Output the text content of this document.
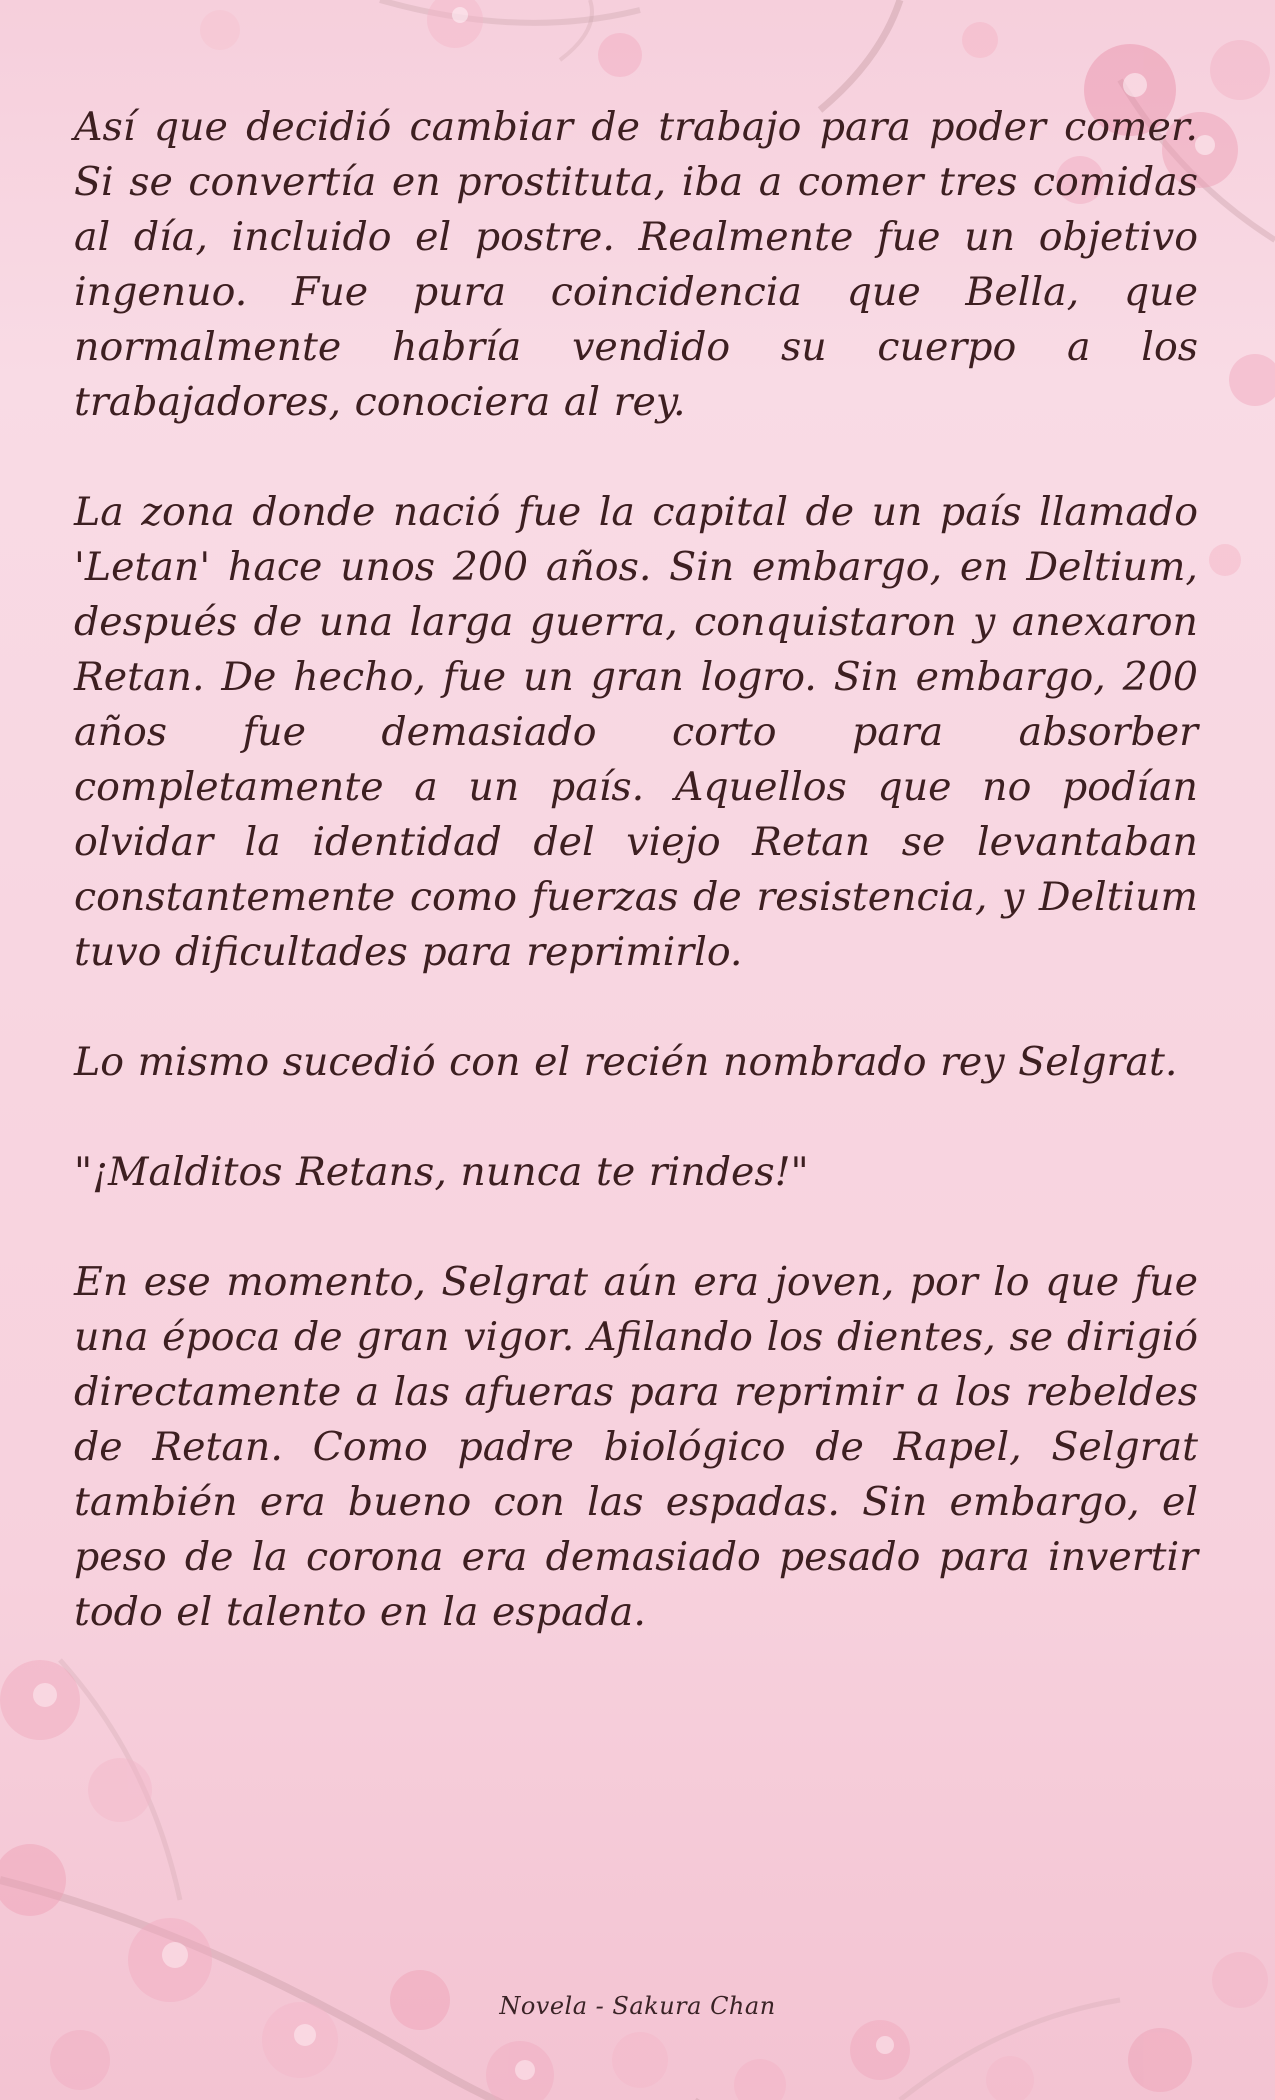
Así que decidió cambiar de trabajo para poder comer. Si se convertía en prostituta, iba a comer tres comidas al día, incluido el postre. Realmente fue un objetivo ingenuo. Fue pura coincidencia que Bella, que normalmente habría vendido su cuerpo a los trabajadores, conociera al rey.

La zona donde nació fue la capital de un país llamado 'Letan' hace unos 200 años. Sin embargo, en Deltium, después de una larga guerra, conquistaron y anexaron Retan. De hecho, fue un gran logro. Sin embargo, 200 años fue demasiado corto para absorber completamente a un país. Aquellos que no podían olvidar la identidad del viejo Retan se levantaban constantemente como fuerzas de resistencia, y Deltium tuvo dificultades para reprimirlo.

Lo mismo sucedió con el recién nombrado rey Selgrat.

"¡Malditos Retans, nunca te rindes!"

En ese momento, Selgrat aún era joven, por lo que fue una época de gran vigor. Afilando los dientes, se dirigió directamente a las afueras para reprimir a los rebeldes de Retan. Como padre biológico de Rapel, Selgrat también era bueno con las espadas. Sin embargo, el peso de la corona era demasiado pesado para invertir todo el talento en la espada.

Novela - Sakura Chan
